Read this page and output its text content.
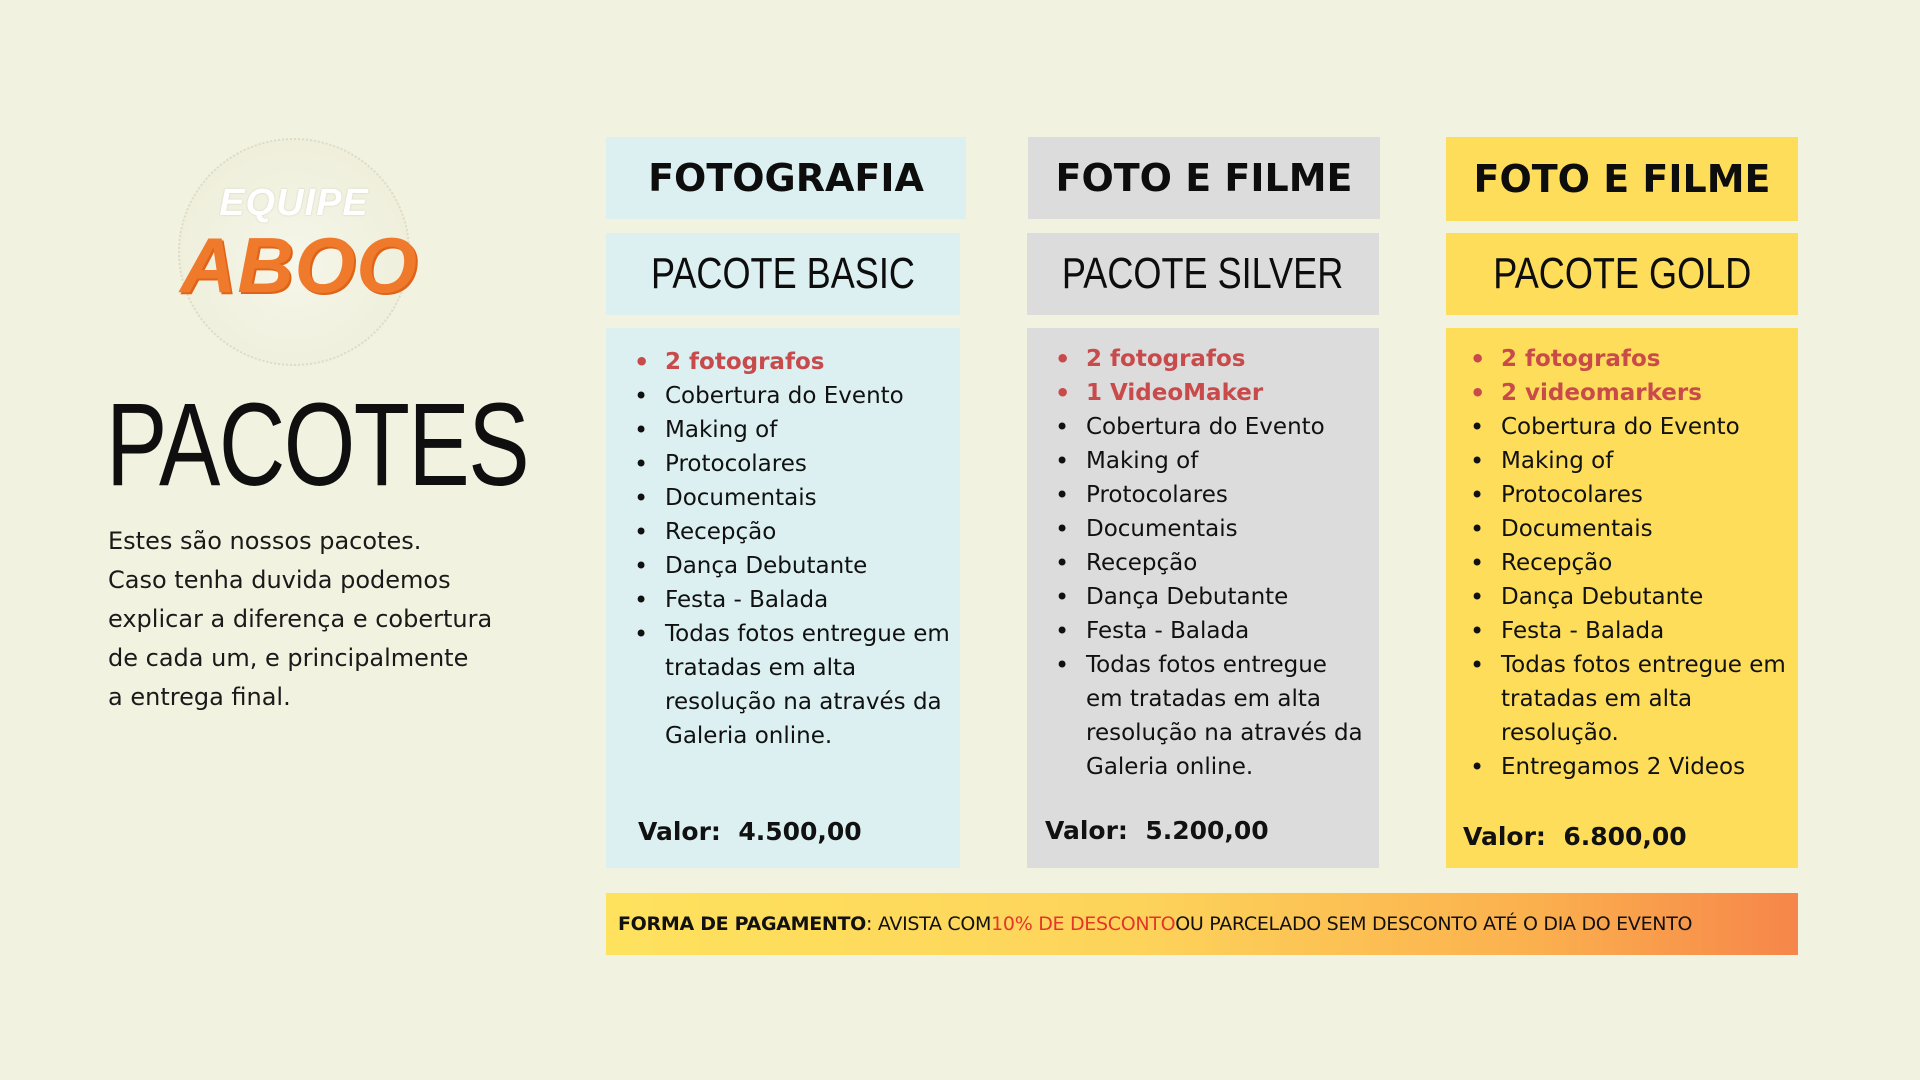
EQUIPE
ABOO
PACOTES
Estes são nossos pacotes.
Caso tenha duvida podemos
explicar a diferença e cobertura
de cada um, e principalmente
a entrega final.
FOTOGRAFIA
PACOTE BASIC
• 2 fotografos
• Cobertura do Evento
• Making of
• Protocolares
• Documentais
• Recepção
• Dança Debutante
• Festa - Balada
• Todas fotos entregue em tratadas em alta resolução na através da Galeria online.
Valor:  4.500,00
FOTO E FILME
PACOTE SILVER
• 2 fotografos
• 1 VideoMaker
• Cobertura do Evento
• Making of
• Protocolares
• Documentais
• Recepção
• Dança Debutante
• Festa - Balada
• Todas fotos entregue em tratadas em alta resolução na através da Galeria online.
Valor:  5.200,00
FOTO E FILME
PACOTE GOLD
• 2 fotografos
• 2 videomarkers
• Cobertura do Evento
• Making of
• Protocolares
• Documentais
• Recepção
• Dança Debutante
• Festa - Balada
• Todas fotos entregue em tratadas em alta resolução.
• Entregamos 2 Videos
Valor:  6.800,00
FORMA DE PAGAMENTO : AVISTA COM 10% DE DESCONTO OU PARCELADO SEM DESCONTO ATÉ O DIA DO EVENTO
